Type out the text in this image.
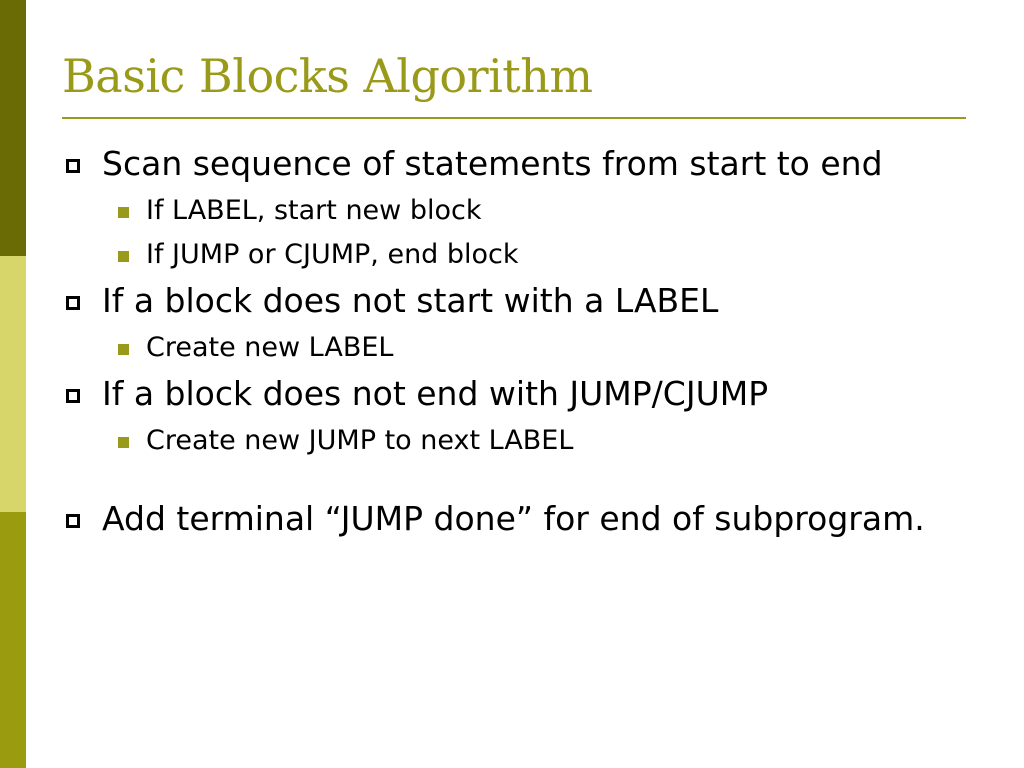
Basic Blocks Algorithm
Scan sequence of statements from start to end
If LABEL, start new block
If JUMP or CJUMP, end block
If a block does not start with a LABEL
Create new LABEL
If a block does not end with JUMP/CJUMP
Create new JUMP to next LABEL
Add terminal “JUMP done” for end of subprogram.
